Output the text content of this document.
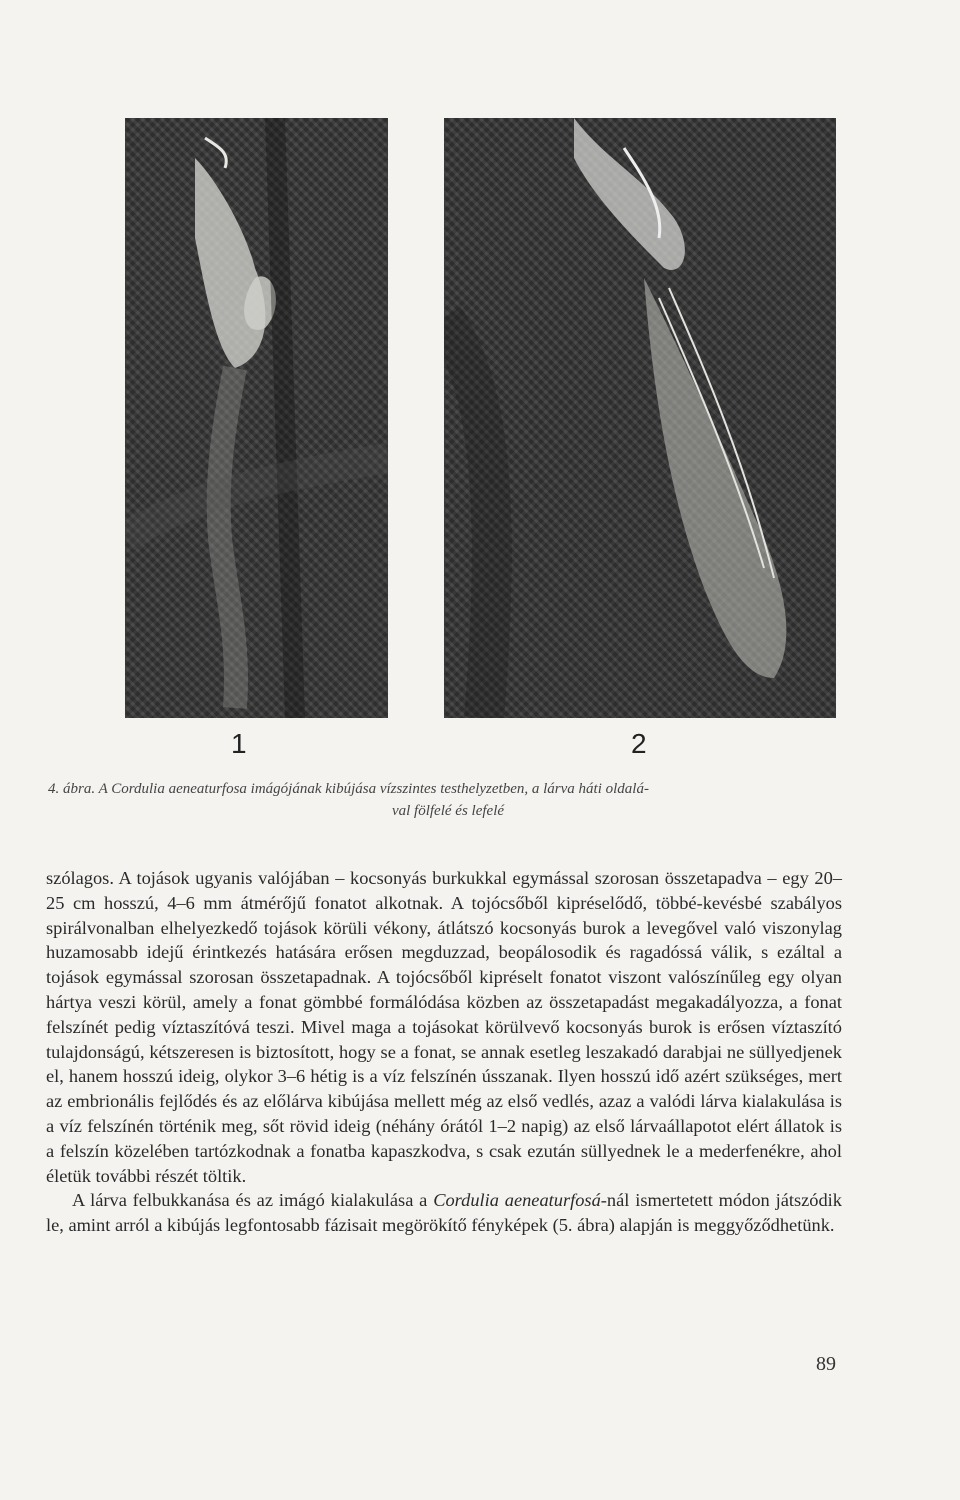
1	2
4. ábra. A Cordulia aeneaturfosa imágójának kibújása vízszintes testhelyzetben, a lárva háti oldalá-
val fölfelé és lefelé

szólagos. A tojások ugyanis valójában – kocsonyás burkukkal egymással szorosan összetapadva – egy 20–25 cm hosszú, 4–6 mm átmérőjű fonatot alkotnak. A tojócsőből kipréselődő, többé-kevésbé szabályos spirálvonalban elhelyezkedő tojások körüli vékony, átlátszó kocsonyás burok a levegővel való viszonylag huzamosabb idejű érintkezés hatására erősen megduzzad, beopálosodik és ragadóssá válik, s ezáltal a tojások egymással szorosan összetapadnak. A tojócsőből kipréselt fonatot viszont valószínűleg egy olyan hártya veszi körül, amely a fonat gömbbé formálódása közben az összetapadást megakadályozza, a fonat felszínét pedig víztaszítóvá teszi. Mivel maga a tojásokat körülvevő kocsonyás burok is erősen víztaszító tulajdonságú, kétszeresen is biztosított, hogy se a fonat, se annak esetleg leszakadó darabjai ne süllyedjenek el, hanem hosszú ideig, olykor 3–6 hétig is a víz felszínén ússzanak. Ilyen hosszú idő azért szükséges, mert az embrionális fejlődés és az előlárva kibújása mellett még az első vedlés, azaz a valódi lárva kialakulása is a víz felszínén történik meg, sőt rövid ideig (néhány órától 1–2 napig) az első lárvaállapotot elért állatok is a felszín közelében tartózkodnak a fonatba kapaszkodva, s csak ezután süllyednek le a mederfenékre, ahol életük további részét töltik.

A lárva felbukkanása és az imágó kialakulása a Cordulia aeneaturfosá-nál ismertetett módon játszódik le, amint arról a kibújás legfontosabb fázisait megörökítő fényképek (5. ábra) alapján is meggyőződhetünk.

89
